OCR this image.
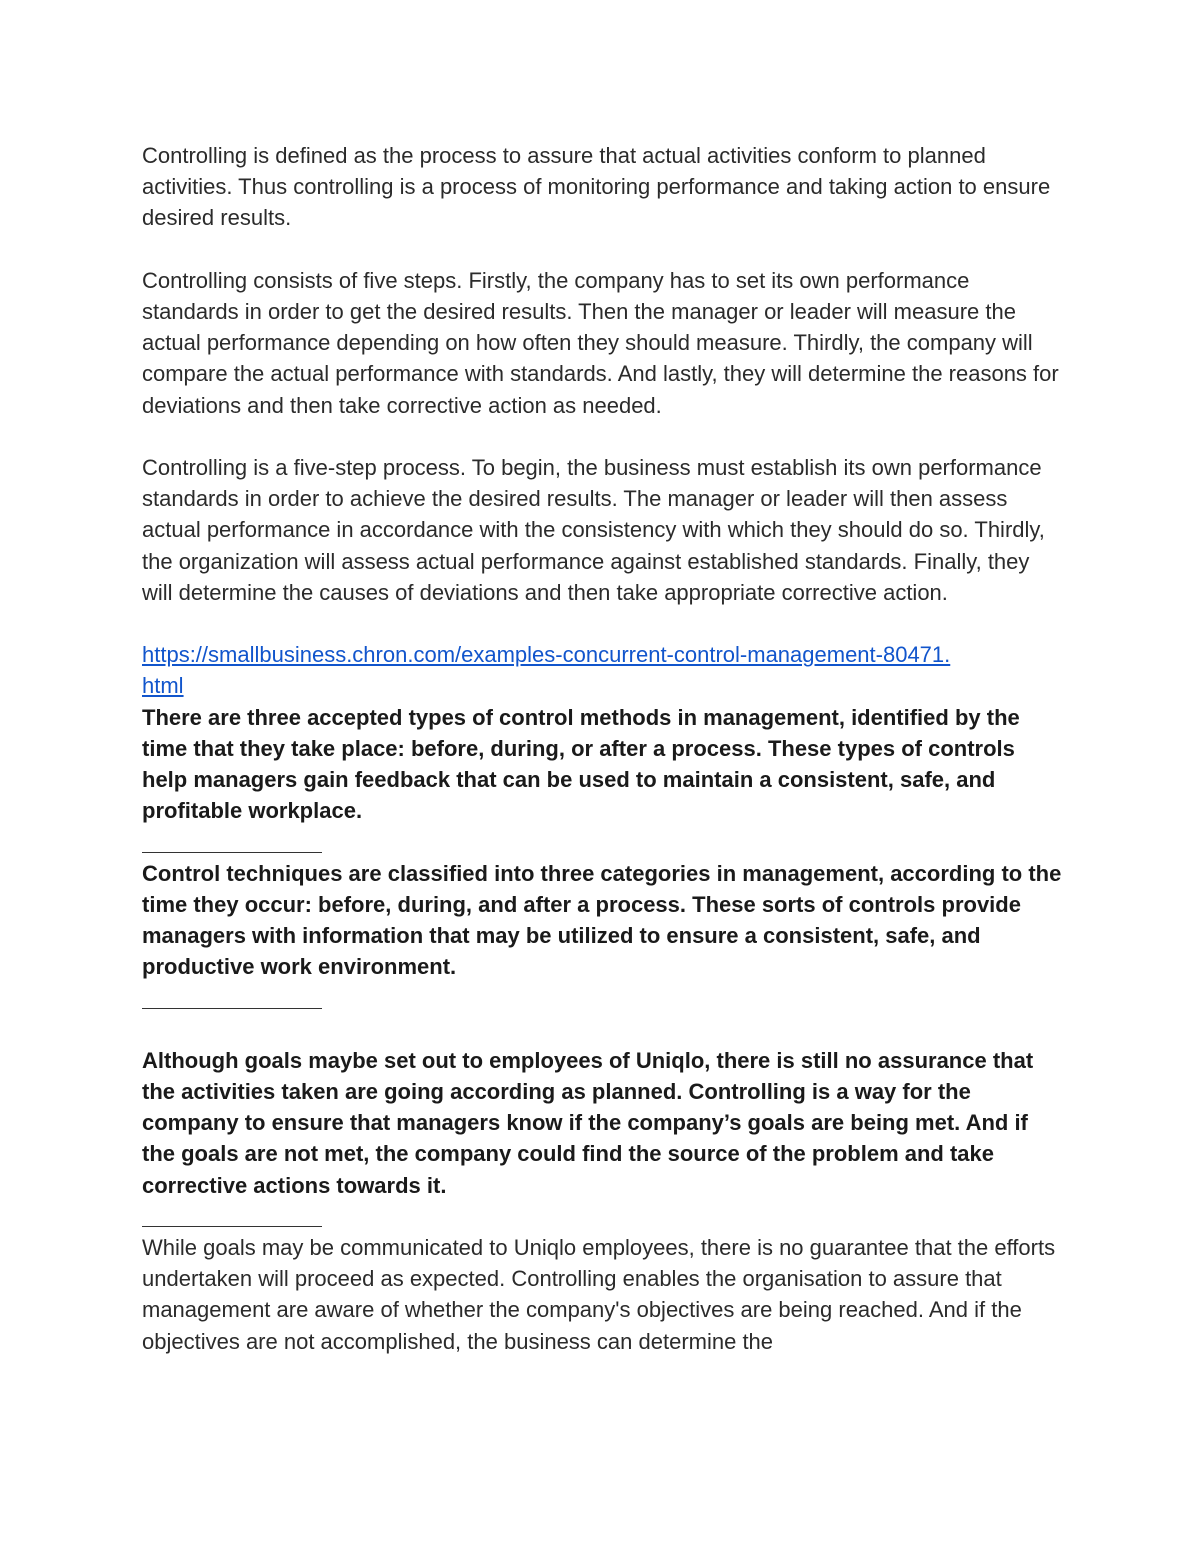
Controlling is defined as the process to assure that actual activities conform to planned activities. Thus controlling is a process of monitoring performance and taking action to ensure desired results.

Controlling consists of five steps. Firstly, the company has to set its own performance standards in order to get the desired results. Then the manager or leader will measure the actual performance depending on how often they should measure. Thirdly, the company will compare the actual performance with standards. And lastly, they will determine the reasons for deviations and then take corrective action as needed.

Controlling is a five-step process. To begin, the business must establish its own performance standards in order to achieve the desired results. The manager or leader will then assess actual performance in accordance with the consistency with which they should do so. Thirdly, the organization will assess actual performance against established standards. Finally, they will determine the causes of deviations and then take appropriate corrective action.

https://smallbusiness.chron.com/examples-concurrent-control-management-80471.html

There are three accepted types of control methods in management, identified by the time that they take place: before, during, or after a process. These types of controls help managers gain feedback that can be used to maintain a consistent, safe, and profitable workplace.

Control techniques are classified into three categories in management, according to the time they occur: before, during, and after a process. These sorts of controls provide managers with information that may be utilized to ensure a consistent, safe, and productive work environment.

Although goals maybe set out to employees of Uniqlo, there is still no assurance that the activities taken are going according as planned. Controlling is a way for the company to ensure that managers know if the company’s goals are being met. And if the goals are not met, the company could find the source of the problem and take corrective actions towards it.

While goals may be communicated to Uniqlo employees, there is no guarantee that the efforts undertaken will proceed as expected. Controlling enables the organisation to assure that management are aware of whether the company's objectives are being reached. And if the objectives are not accomplished, the business can determine the
